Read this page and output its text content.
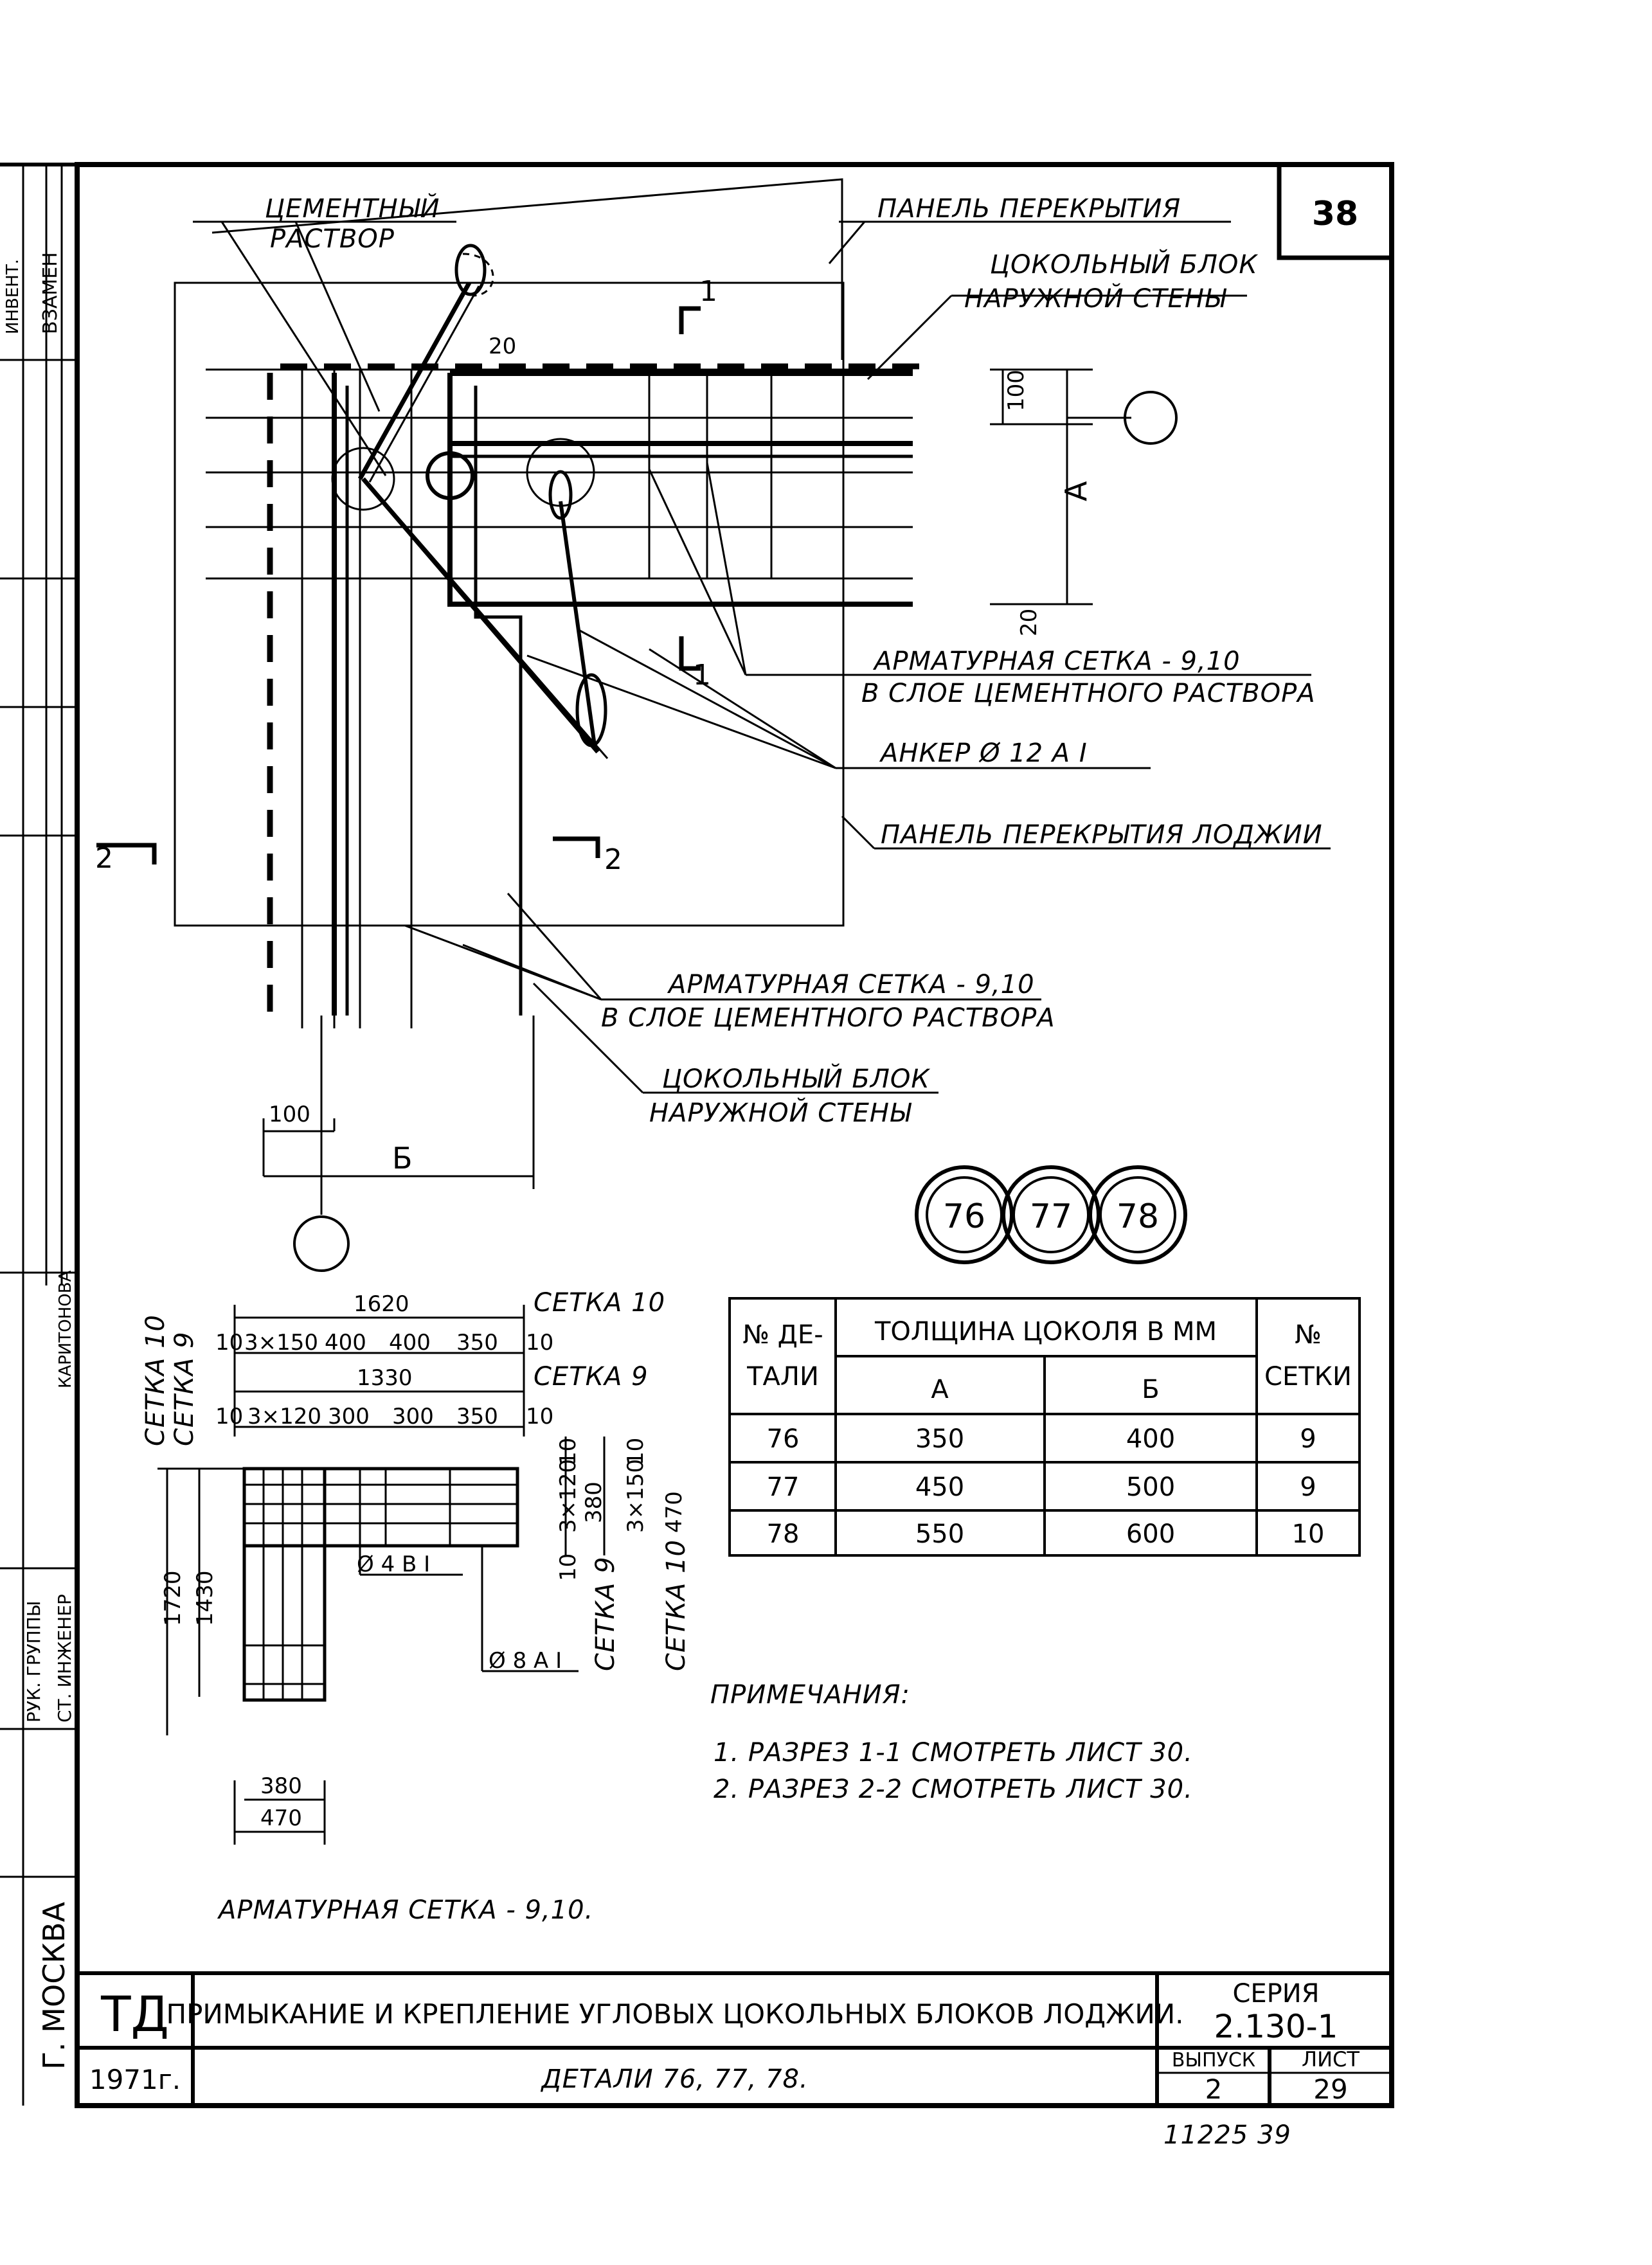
ВЗАМЕН
ИНВЕНТ.
РУК. ГРУППЫ СТ. ИНЖЕНЕР
КАРИТОНОВА
Г. МОСКВА
38
ЦЕМЕНТНЫЙ
РАСТВОР
ПАНЕЛЬ ПЕРЕКРЫТИЯ
ЦОКОЛЬНЫЙ БЛОК
НАРУЖНОЙ СТЕНЫ
АРМАТУРНАЯ СЕТКА - 9,10
В СЛОЕ ЦЕМЕНТНОГО РАСТВОРА
АНКЕР Ø 12 А I
ПАНЕЛЬ ПЕРЕКРЫТИЯ ЛОДЖИИ
АРМАТУРНАЯ СЕТКА - 9,10
В СЛОЕ ЦЕМЕНТНОГО РАСТВОРА
ЦОКОЛЬНЫЙ БЛОК
НАРУЖНОЙ СТЕНЫ
1
1
2	2
20
100
А
20
100
Б
76 77 78
1620	СЕТКА 10
10 3×150 400 400 350 10
1330	СЕТКА 9
10 3×120 300 300 350 10
СЕТКА 10 СЕТКА 9
1720 1430
10
3×120 380
10
10
3×150 470
СЕТКА 9 СЕТКА 10
Ø 4 В I
Ø 8 А I
380
470
АРМАТУРНАЯ СЕТКА - 9,10.
№ ДЕ-
ТАЛИ
ТОЛЩИНА ЦОКОЛЯ В ММ
А	Б
№
СЕТКИ
76	350	400	9
77	450	500	9
78	550	600	10
ПРИМЕЧАНИЯ:
1. РАЗРЕЗ 1-1 СМОТРЕТЬ ЛИСТ 30.
2. РАЗРЕЗ 2-2 СМОТРЕТЬ ЛИСТ 30.
ТД
1971г.
ПРИМЫКАНИЕ И КРЕПЛЕНИЕ УГЛОВЫХ ЦОКОЛЬНЫХ БЛОКОВ ЛОДЖИИ.
ДЕТАЛИ 76, 77, 78.
СЕРИЯ
2.130-1
ВЫПУСК
2
ЛИСТ
29
11225 39
